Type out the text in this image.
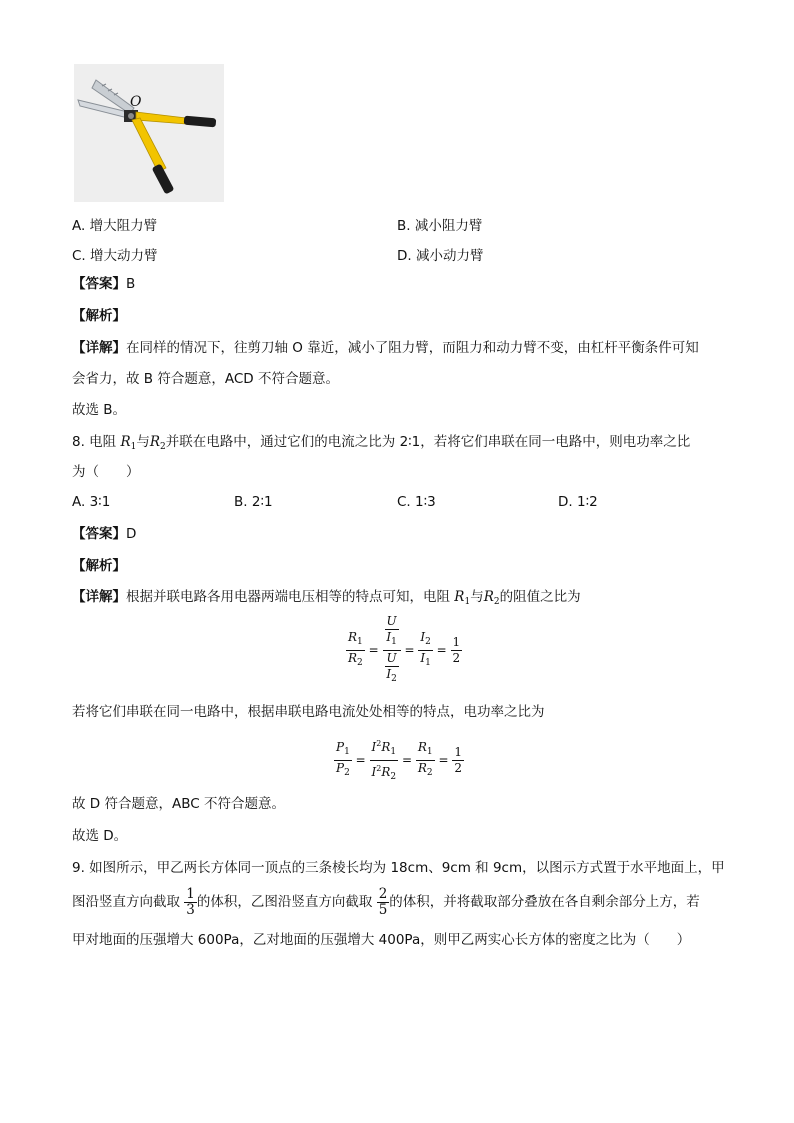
O
A. 增大阻力臂	B. 减小阻力臂
C. 增大动力臂	D. 减小动力臂
【答案】B
【解析】
【详解】在同样的情况下，往剪刀轴 O 靠近，减小了阻力臂，而阻力和动力臂不变，由杠杆平衡条件可知
会省力，故 B 符合题意，ACD 不符合题意。
故选 B。
8. 电阻 $R_1$与$R_2$并联在电路中，通过它们的电流之比为 2∶1，若将它们串联在同一电路中，则电功率之比
为（　　）
A. 3∶1	B. 2∶1	C. 1∶3	D. 1∶2
【答案】D
【解析】
【详解】根据并联电路各用电器两端电压相等的特点可知，电阻 $R_1$与$R_2$的阻值之比为
$\frac{R_1}{R_2} = \frac{\frac{U}{I_1}}{\frac{U}{I_2}} = \frac{I_2}{I_1} = \frac{1}{2}$
若将它们串联在同一电路中，根据串联电路电流处处相等的特点，电功率之比为
$\frac{P_1}{P_2} = \frac{I^2R_1}{I^2R_2} = \frac{R_1}{R_2} = \frac{1}{2}$
故 D 符合题意，ABC 不符合题意。
故选 D。
9. 如图所示，甲乙两长方体同一顶点的三条棱长均为 18cm、9cm 和 9cm，以图示方式置于水平地面上，甲
图沿竖直方向截取 $\frac{1}{3}$ 的体积，乙图沿竖直方向截取 $\frac{2}{5}$ 的体积，并将截取部分叠放在各自剩余部分上方，若
甲对地面的压强增大 600Pa，乙对地面的压强增大 400Pa，则甲乙两实心长方体的密度之比为（　　）
